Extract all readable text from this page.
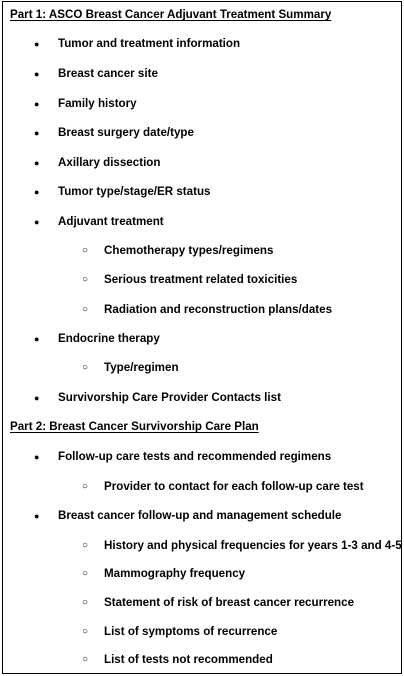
Part 1: ASCO Breast Cancer Adjuvant Treatment Summary
● Tumor and treatment information
● Breast cancer site
● Family history
● Breast surgery date/type
● Axillary dissection
● Tumor type/stage/ER status
● Adjuvant treatment
○ Chemotherapy types/regimens
○ Serious treatment related toxicities
○ Radiation and reconstruction plans/dates
● Endocrine therapy
○ Type/regimen
● Survivorship Care Provider Contacts list
Part 2: Breast Cancer Survivorship Care Plan
● Follow-up care tests and recommended regimens
○ Provider to contact for each follow-up care test
● Breast cancer follow-up and management schedule
○ History and physical frequencies for years 1-3 and 4-5
○ Mammography frequency
○ Statement of risk of breast cancer recurrence
○ List of symptoms of recurrence
○ List of tests not recommended
